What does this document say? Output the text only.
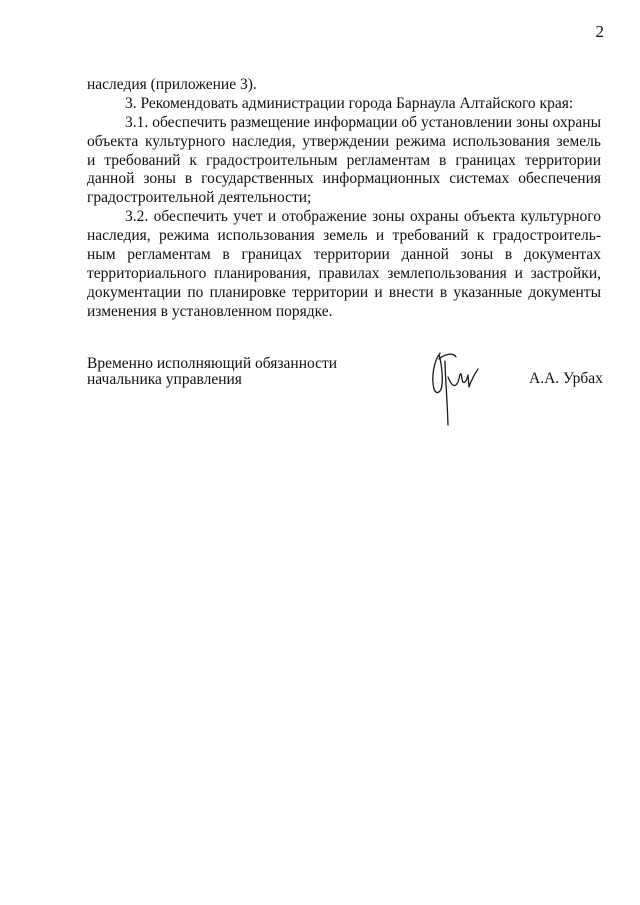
2
наследия (приложение 3).
3. Рекомендовать администрации города Барнаула Алтайского края:
3.1. обеспечить размещение информации об установлении зоны охраны
объекта культурного наследия, утверждении режима использования земель
и требований к градостроительным регламентам в границах территории
данной зоны в государственных информационных системах обеспечения
градостроительной деятельности;
3.2. обеспечить учет и отображение зоны охраны объекта культурного
наследия, режима использования земель и требований к градостроитель-
ным регламентам в границах территории данной зоны в документах
территориального планирования, правилах землепользования и застройки,
документации по планировке территории и внести в указанные документы
изменения в установленном порядке.
Временно исполняющий обязанности
начальника управления	А.А. Урбах
